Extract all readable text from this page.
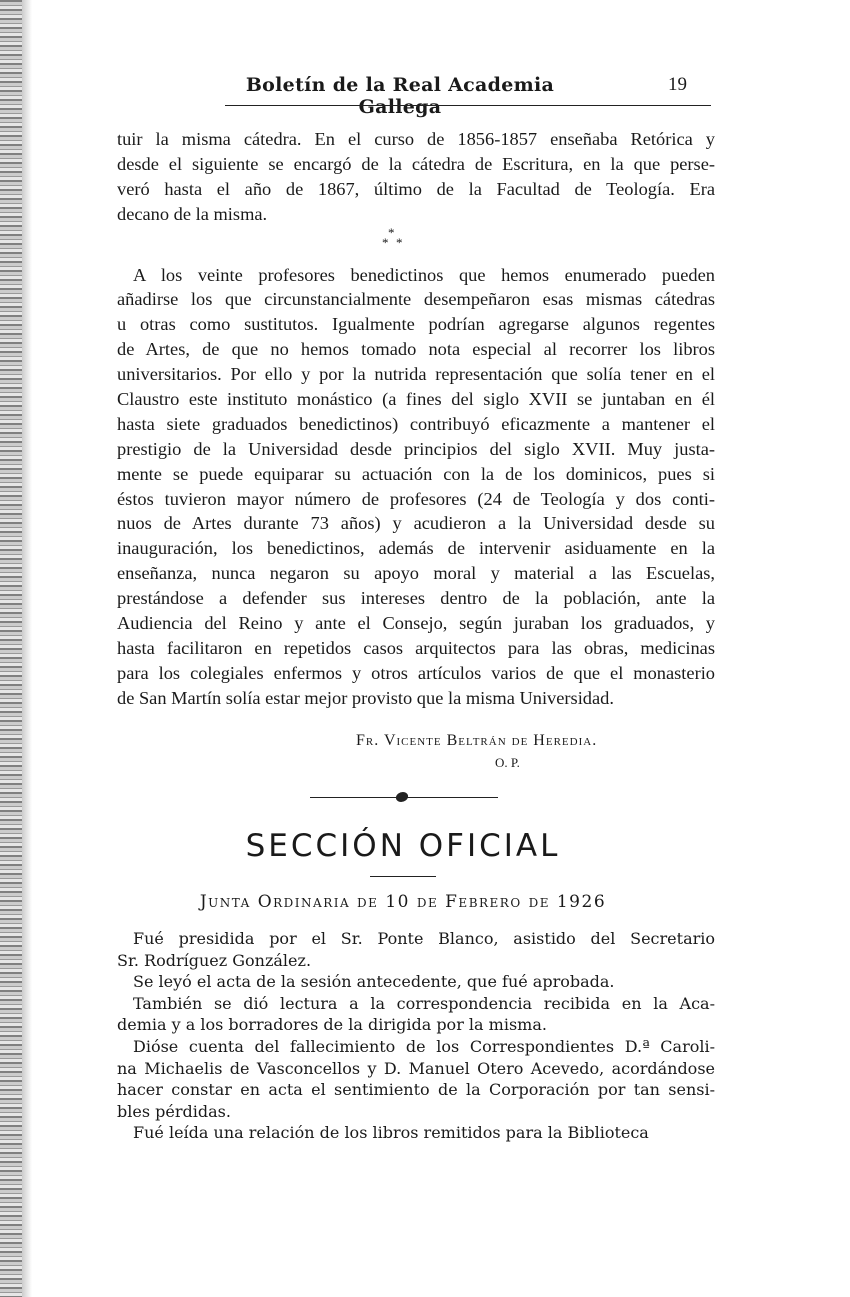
Boletín de la Real Academia Gallega
19
tuir la misma cátedra. En el curso de 1856-1857 enseñaba Retórica y
desde el siguiente se encargó de la cátedra de Escritura, en la que perse-
veró hasta el año de 1867, último de la Facultad de Teología. Era
decano de la misma.
*
* *
A los veinte profesores benedictinos que hemos enumerado pueden
añadirse los que circunstancialmente desempeñaron esas mismas cátedras
u otras como sustitutos. Igualmente podrían agregarse algunos regentes
de Artes, de que no hemos tomado nota especial al recorrer los libros
universitarios. Por ello y por la nutrida representación que solía tener en el
Claustro este instituto monástico (a fines del siglo XVII se juntaban en él
hasta siete graduados benedictinos) contribuyó eficazmente a mantener el
prestigio de la Universidad desde principios del siglo XVII. Muy justa-
mente se puede equiparar su actuación con la de los dominicos, pues si
éstos tuvieron mayor número de profesores (24 de Teología y dos conti-
nuos de Artes durante 73 años) y acudieron a la Universidad desde su
inauguración, los benedictinos, además de intervenir asiduamente en la
enseñanza, nunca negaron su apoyo moral y material a las Escuelas,
prestándose a defender sus intereses dentro de la población, ante la
Audiencia del Reino y ante el Consejo, según juraban los graduados, y
hasta facilitaron en repetidos casos arquitectos para las obras, medicinas
para los colegiales enfermos y otros artículos varios de que el monasterio
de San Martín solía estar mejor provisto que la misma Universidad.
Fr. Vicente Beltrán de Heredia.
O. P.
SECCIÓN OFICIAL
Junta Ordinaria de 10 de Febrero de 1926
Fué presidida por el Sr. Ponte Blanco, asistido del Secretario
Sr. Rodríguez González.
Se leyó el acta de la sesión antecedente, que fué aprobada.
También se dió lectura a la correspondencia recibida en la Aca-
demia y a los borradores de la dirigida por la misma.
Dióse cuenta del fallecimiento de los Correspondientes D.ª Caroli-
na Michaelis de Vasconcellos y D. Manuel Otero Acevedo, acordándose
hacer constar en acta el sentimiento de la Corporación por tan sensi-
bles pérdidas.
Fué leída una relación de los libros remitidos para la Biblioteca
